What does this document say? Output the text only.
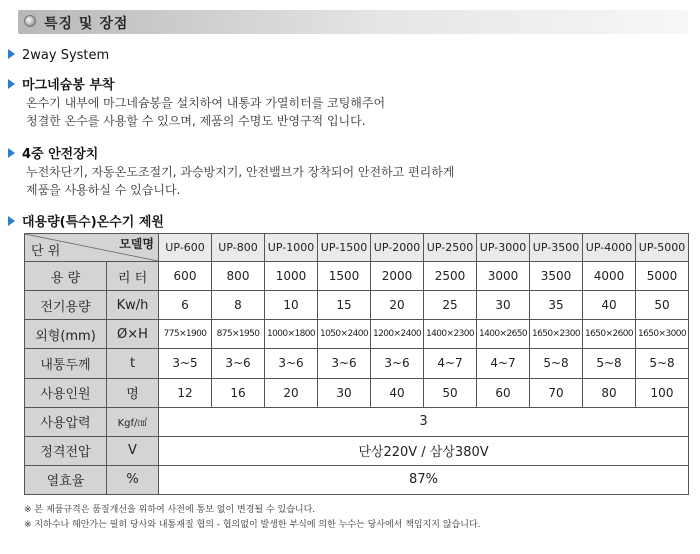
특징 및 장점
2way System
마그네슘봉 부착
온수기 내부에 마그네슘봉을 설치하여 내통과 가열히터를 코팅해주어
청결한 온수를 사용할 수 있으며, 제품의 수명도 반영구적 입니다.
4중 안전장치
누전차단기, 자동온도조절기, 과승방지기, 안전밸브가 장착되어 안전하고 편리하게
제품을 사용하실 수 있습니다.
대용량(특수)온수기 제원
모델명
단 위		UP-600	UP-800	UP-1000	UP-1500	UP-2000	UP-2500	UP-3000	UP-3500	UP-4000	UP-5000
용 량	리 터	600	800	1000	1500	2000	2500	3000	3500	4000	5000
전기용량	Kw/h	6	8	10	15	20	25	30	35	40	50
외형(mm)	Ø×H	775×1900	875×1950	1000×1800	1050×2400	1200×2400	1400×2300	1400×2650	1650×2300	1650×2600	1650×3000
내통두께	t	3~5	3~6	3~6	3~6	3~6	4~7	4~7	5~8	5~8	5~8
사용인원	명	12	16	20	30	40	50	60	70	80	100
사용압력	Kgf/㎠	3									
정격전압	V	단상220V / 삼상380V									
열효율	%	87%									
※ 본 제품규격은 품질개선을 위하여 사전에 통보 없이 변경될 수 있습니다.
※ 지하수나 해안가는 필히 당사와 내통재질 협의 - 협의없이 발생한 부식에 의한 누수는 당사에서 책임지지 않습니다.
